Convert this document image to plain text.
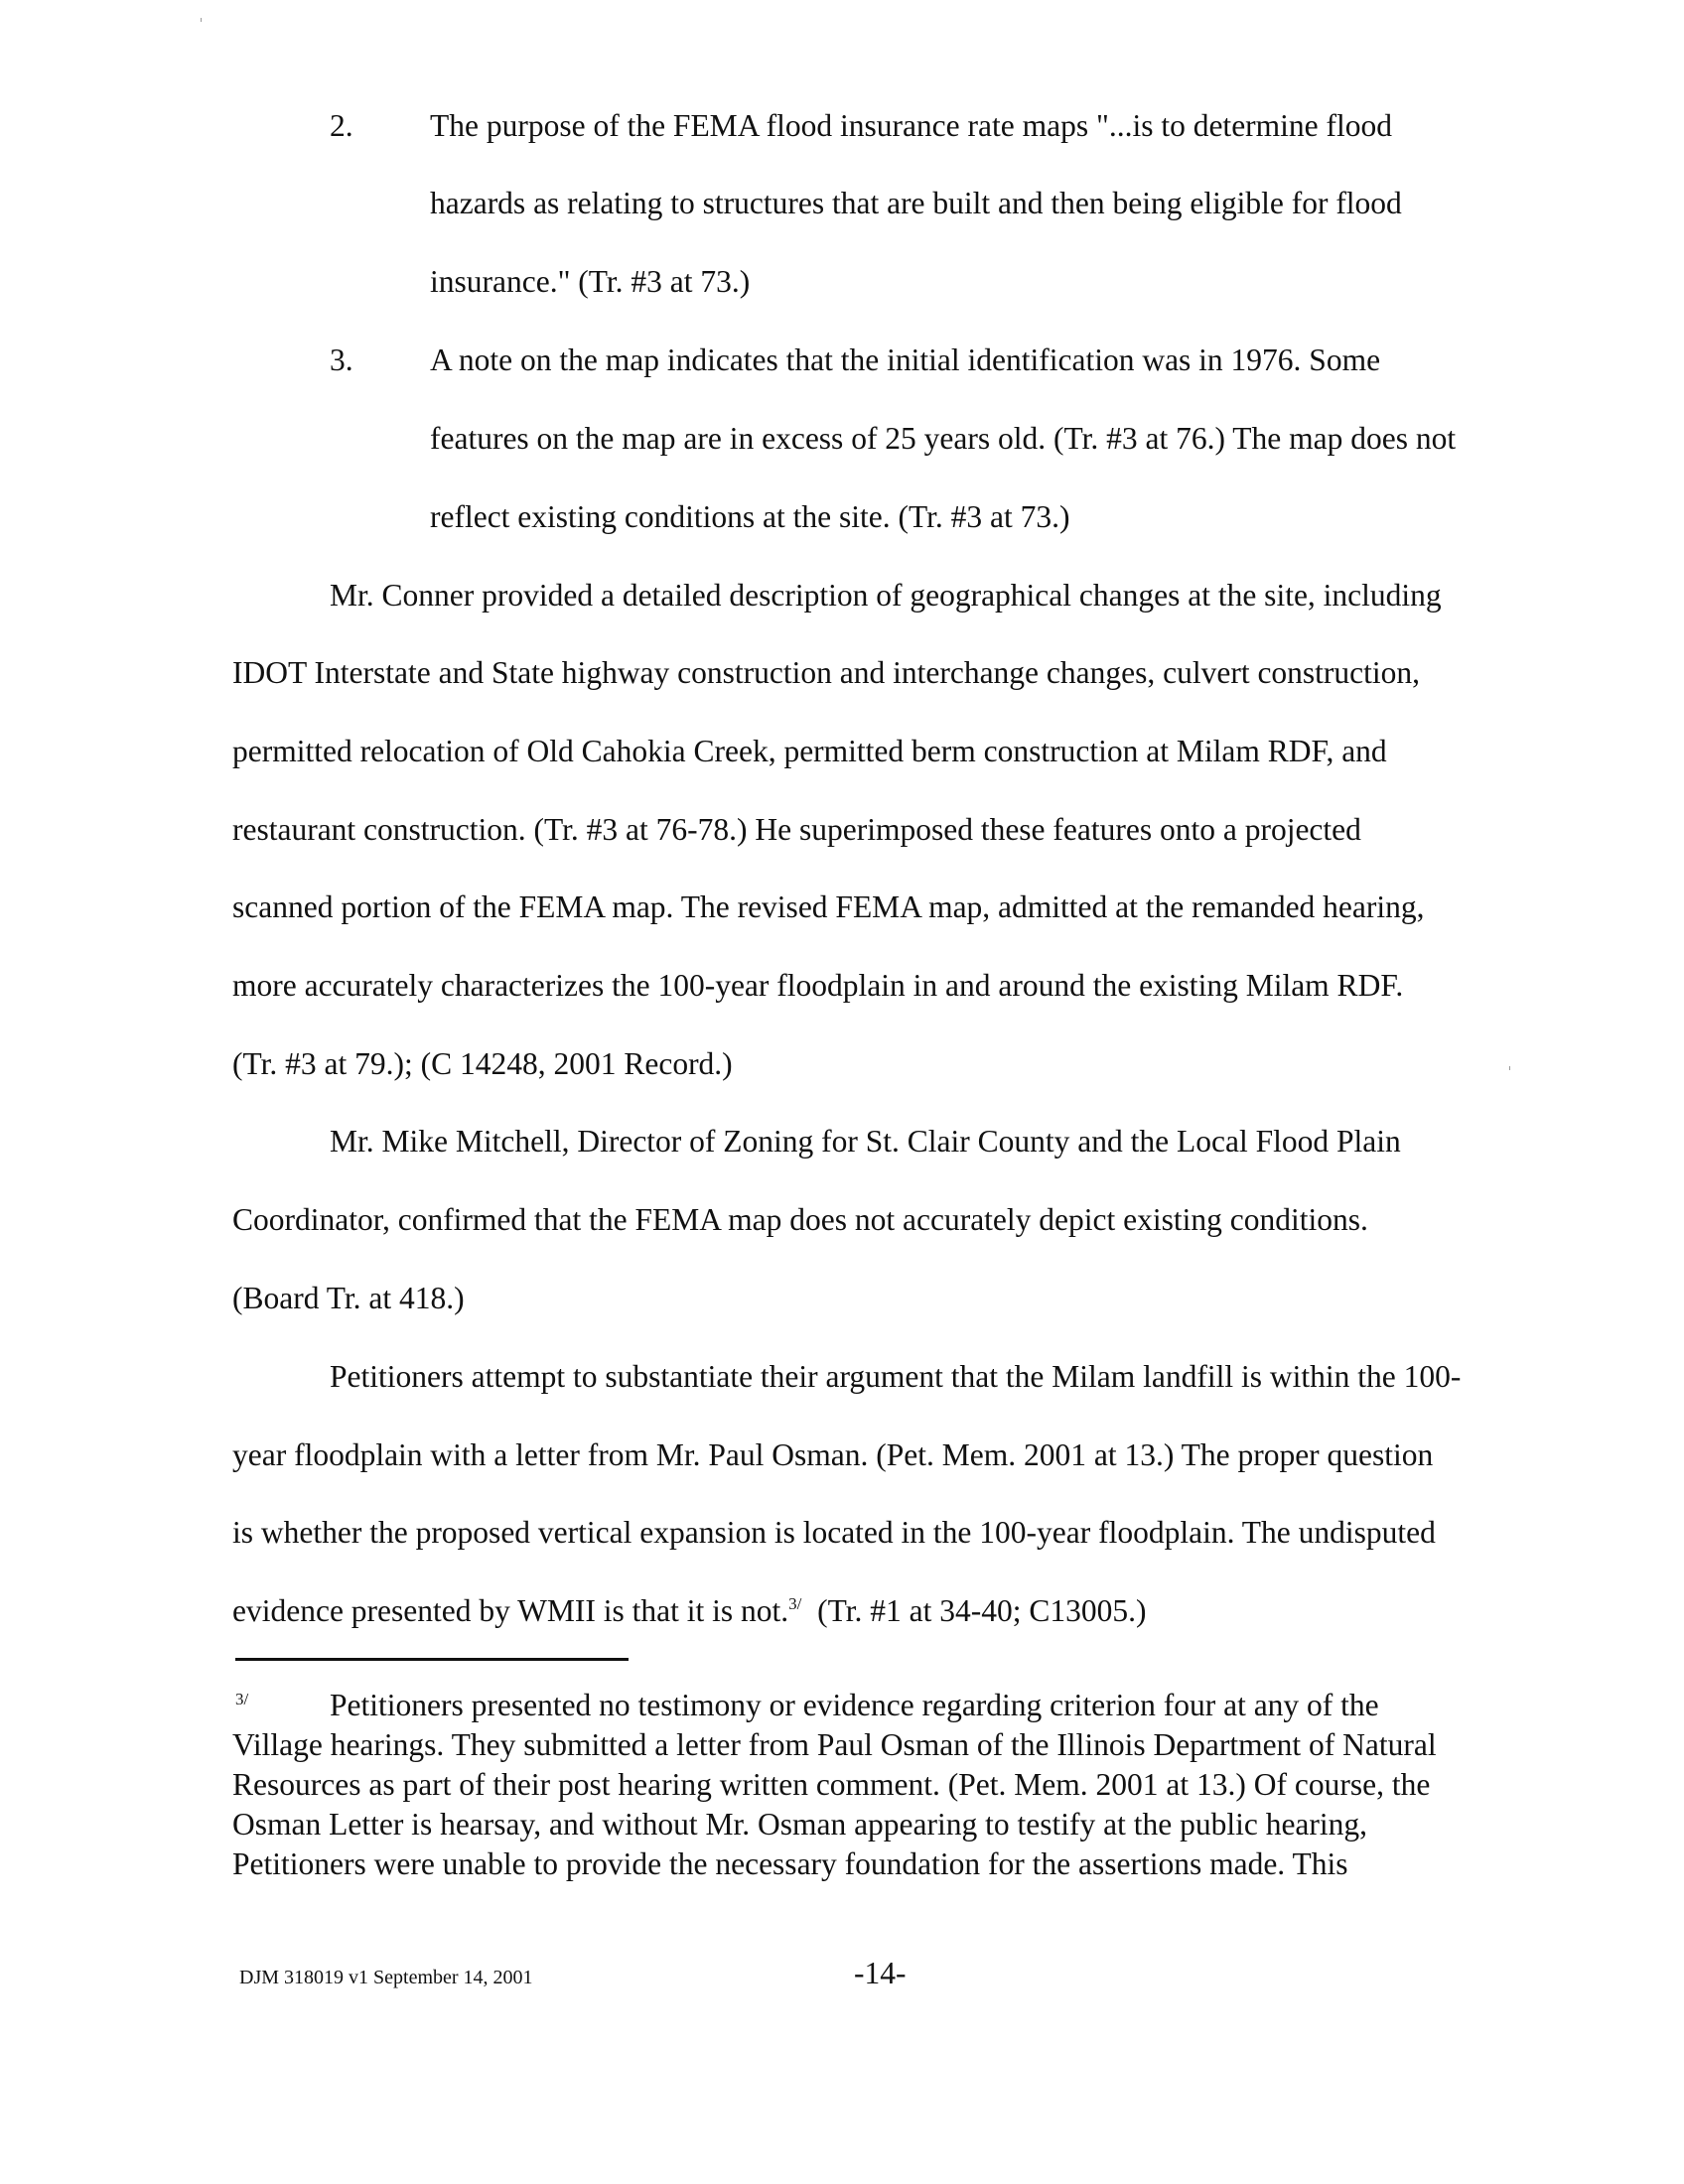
2. The purpose of the FEMA flood insurance rate maps "...is to determine flood
hazards as relating to structures that are built and then being eligible for flood
insurance." (Tr. #3 at 73.)
3. A note on the map indicates that the initial identification was in 1976. Some
features on the map are in excess of 25 years old. (Tr. #3 at 76.) The map does not
reflect existing conditions at the site. (Tr. #3 at 73.)
Mr. Conner provided a detailed description of geographical changes at the site, including
IDOT Interstate and State highway construction and interchange changes, culvert construction,
permitted relocation of Old Cahokia Creek, permitted berm construction at Milam RDF, and
restaurant construction. (Tr. #3 at 76-78.) He superimposed these features onto a projected
scanned portion of the FEMA map. The revised FEMA map, admitted at the remanded hearing,
more accurately characterizes the 100-year floodplain in and around the existing Milam RDF.
(Tr. #3 at 79.); (C 14248, 2001 Record.)
Mr. Mike Mitchell, Director of Zoning for St. Clair County and the Local Flood Plain
Coordinator, confirmed that the FEMA map does not accurately depict existing conditions.
(Board Tr. at 418.)
Petitioners attempt to substantiate their argument that the Milam landfill is within the 100-
year floodplain with a letter from Mr. Paul Osman. (Pet. Mem. 2001 at 13.) The proper question
is whether the proposed vertical expansion is located in the 100-year floodplain. The undisputed
evidence presented by WMII is that it is not.$^{3/}$  (Tr. #1 at 34-40; C13005.)
3/	Petitioners presented no testimony or evidence regarding criterion four at any of the
Village hearings. They submitted a letter from Paul Osman of the Illinois Department of Natural
Resources as part of their post hearing written comment. (Pet. Mem. 2001 at 13.) Of course, the
Osman Letter is hearsay, and without Mr. Osman appearing to testify at the public hearing,
Petitioners were unable to provide the necessary foundation for the assertions made. This
DJM 318019 v1 September 14, 2001	-14-
